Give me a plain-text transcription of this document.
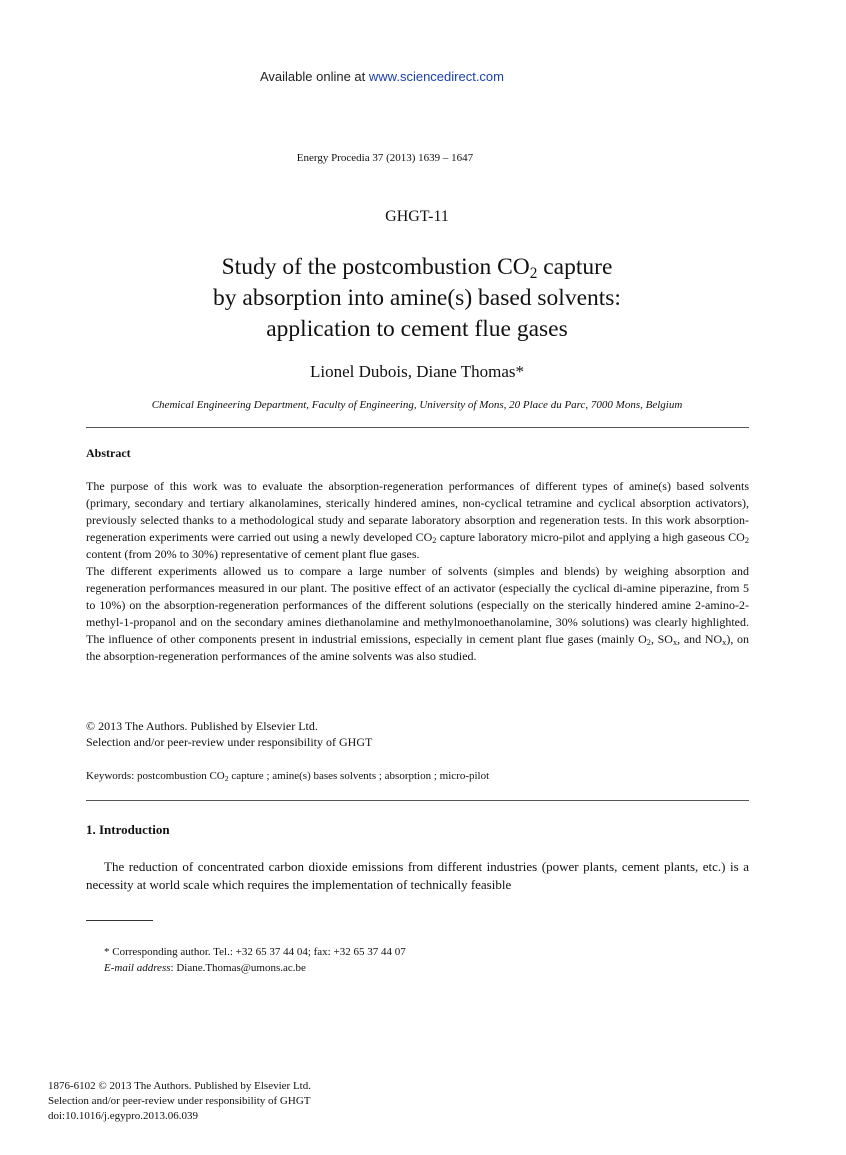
Available online at www.sciencedirect.com
Energy Procedia 37 (2013) 1639 – 1647
GHGT-11
Study of the postcombustion $CO_2$ capture
by absorption into amine(s) based solvents:
application to cement flue gases
Lionel Dubois, Diane Thomas*
Chemical Engineering Department, Faculty of Engineering, University of Mons, 20 Place du Parc, 7000 Mons, Belgium
Abstract

The purpose of this work was to evaluate the absorption-regeneration performances of different types of amine(s) based solvents (primary, secondary and tertiary alkanolamines, sterically hindered amines, non-cyclical tetramine and cyclical absorption activators), previously selected thanks to a methodological study and separate laboratory absorption and regeneration tests. In this work absorption-regeneration experiments were carried out using a newly developed $CO_2$ capture laboratory micro-pilot and applying a high gaseous $CO_2$ content (from 20% to 30%) representative of cement plant flue gases.

The different experiments allowed us to compare a large number of solvents (simples and blends) by weighing absorption and regeneration performances measured in our plant. The positive effect of an activator (especially the cyclical di-amine piperazine, from 5 to 10%) on the absorption-regeneration performances of the different solutions (especially on the sterically hindered amine 2-amino-2-methyl-1-propanol and on the secondary amines diethanolamine and methylmonoethanolamine, 30% solutions) was clearly highlighted. The influence of other components present in industrial emissions, especially in cement plant flue gases (mainly $O_2$, $SO_x$, and $NO_x$), on the absorption-regeneration performances of the amine solvents was also studied.

© 2013 The Authors. Published by Elsevier Ltd.
Selection and/or peer-review under responsibility of GHGT
Keywords: postcombustion $CO_2$ capture ; amine(s) bases solvents ; absorption ; micro-pilot
1. Introduction
The reduction of concentrated carbon dioxide emissions from different industries (power plants, cement plants, etc.) is a necessity at world scale which requires the implementation of technically feasible
* Corresponding author. Tel.: +32 65 37 44 04; fax: +32 65 37 44 07
E-mail address: Diane.Thomas@umons.ac.be
1876-6102 © 2013 The Authors. Published by Elsevier Ltd.
Selection and/or peer-review under responsibility of GHGT
doi:10.1016/j.egypro.2013.06.039
